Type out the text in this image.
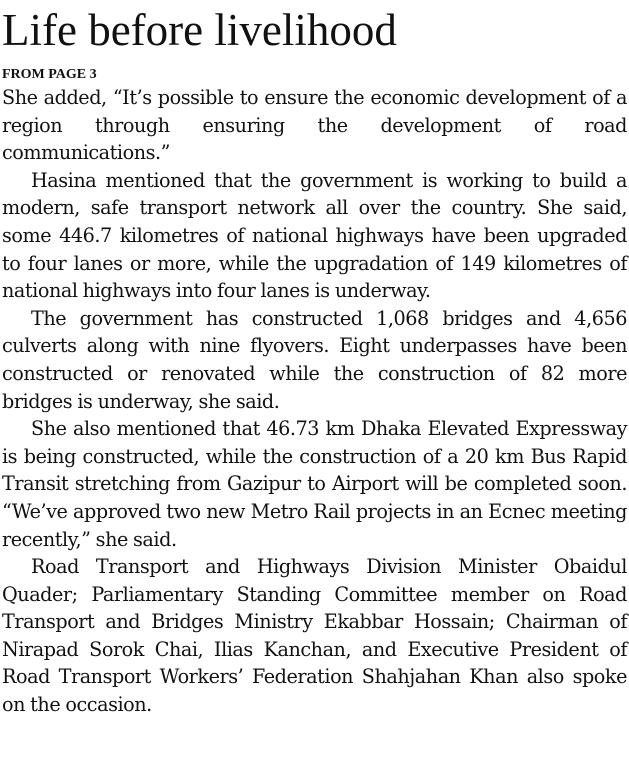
Life before livelihood
FROM PAGE 3

She added, “It’s possible to ensure the economic development of a region through ensuring the development of road communications.”

Hasina mentioned that the government is working to build a modern, safe transport network all over the country. She said, some 446.7 kilometres of national highways have been upgraded to four lanes or more, while the upgradation of 149 kilometres of national highways into four lanes is underway.

The government has constructed 1,068 bridges and 4,656 culverts along with nine flyovers. Eight underpasses have been constructed or renovated while the construction of 82 more bridges is underway, she said.

She also mentioned that 46.73 km Dhaka Elevated Expressway is being constructed, while the construction of a 20 km Bus Rapid Transit stretching from Gazipur to Airport will be completed soon. “We’ve approved two new Metro Rail projects in an Ecnec meeting recently,” she said.

Road Transport and Highways Division Minister Obaidul Quader; Parliamentary Standing Committee member on Road Transport and Bridges Ministry Ekabbar Hossain; Chairman of Nirapad Sorok Chai, Ilias Kanchan, and Executive President of Road Transport Workers’ Federation Shahjahan Khan also spoke on the occasion.
